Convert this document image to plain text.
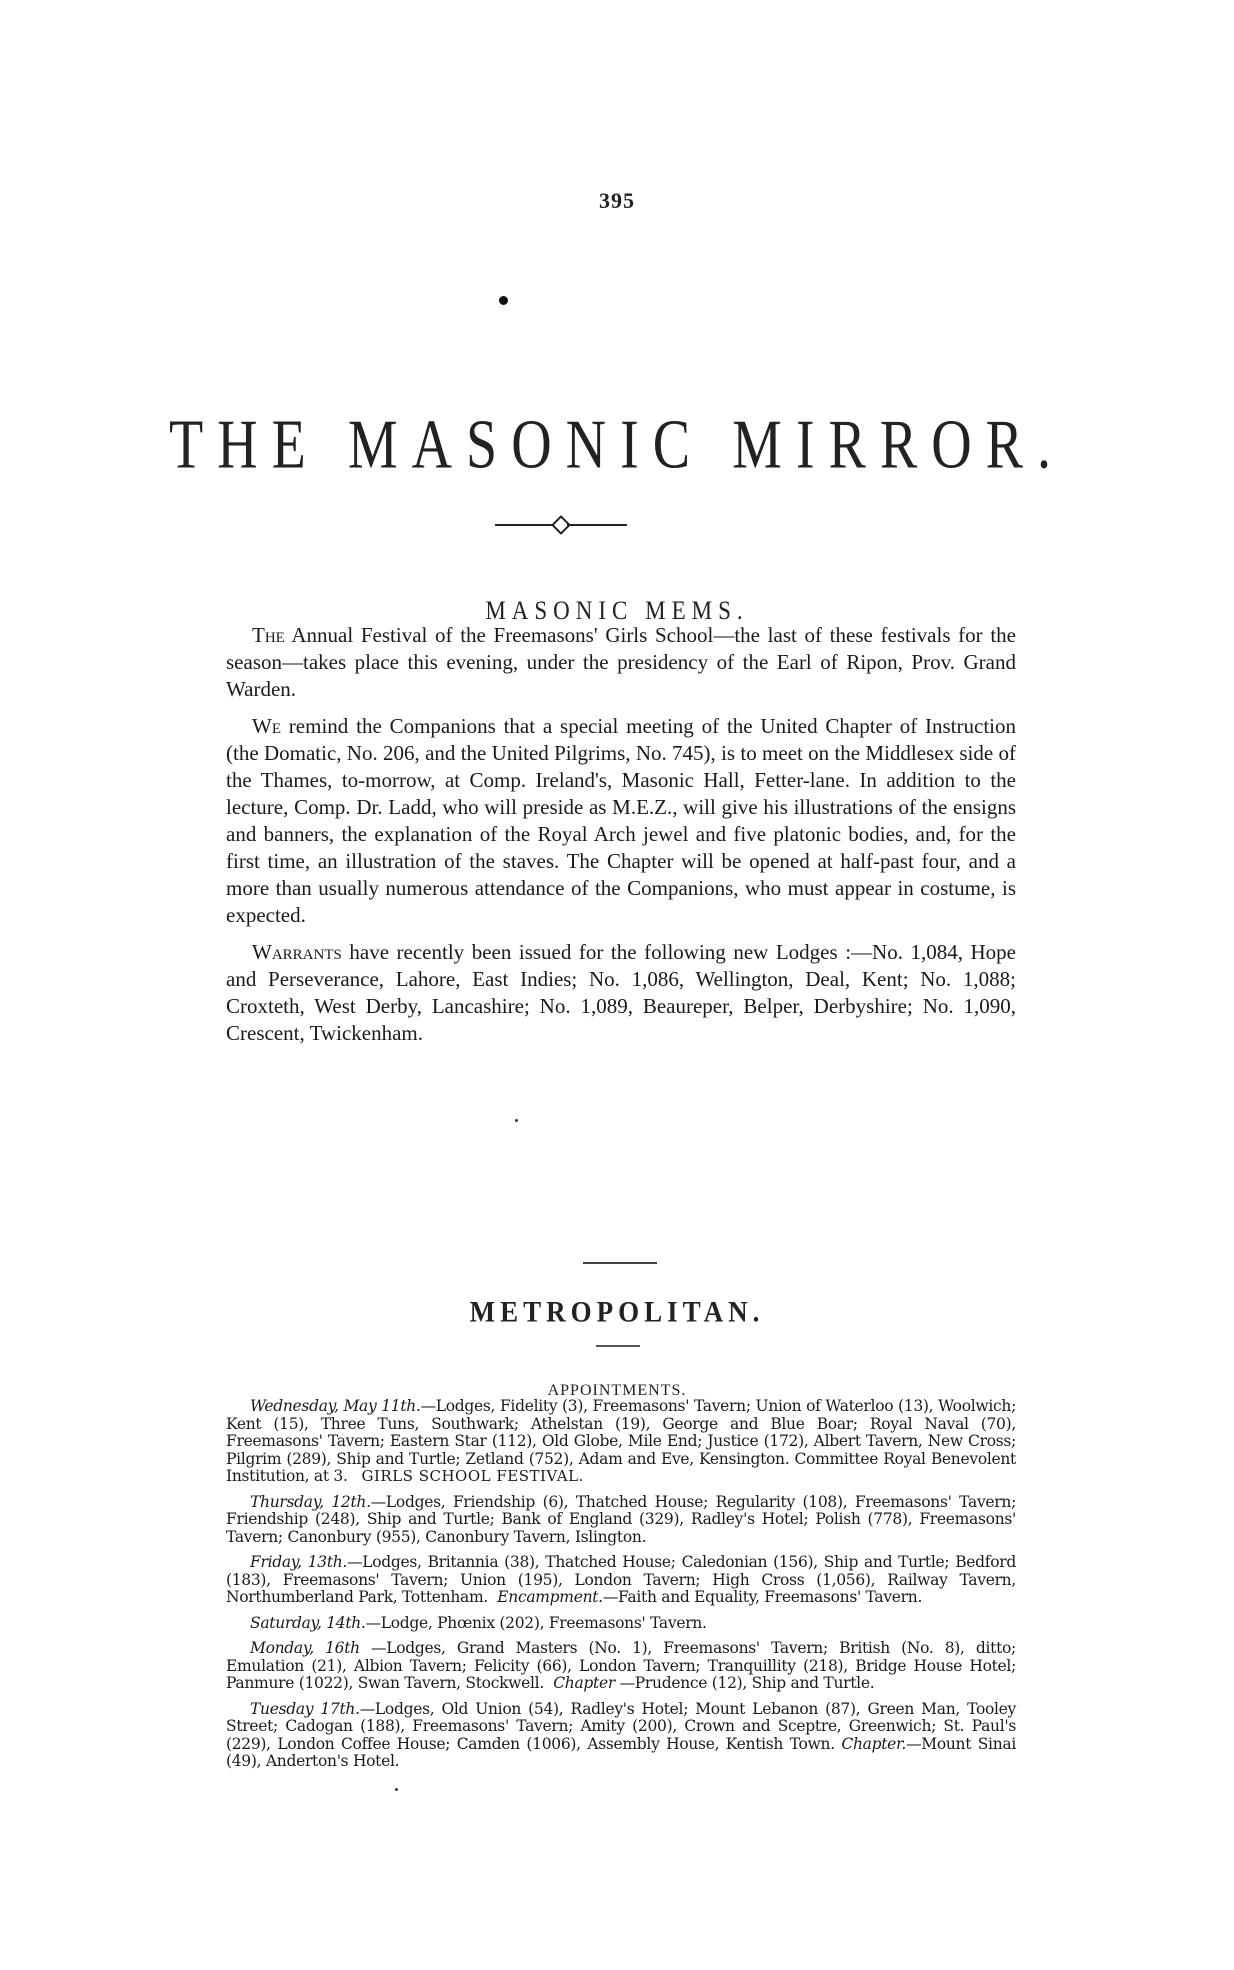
395
THE MASONIC MIRROR.
MASONIC MEMS.

The Annual Festival of the Freemasons' Girls School—the last of these festivals for the season—takes place this evening, under the presidency of the Earl of Ripon, Prov. Grand Warden.

We remind the Companions that a special meeting of the United Chapter of Instruction (the Domatic, No. 206, and the United Pilgrims, No. 745), is to meet on the Middlesex side of the Thames, to-morrow, at Comp. Ireland's, Masonic Hall, Fetter-lane. In addition to the lecture, Comp. Dr. Ladd, who will preside as M.E.Z., will give his illustrations of the ensigns and banners, the explanation of the Royal Arch jewel and five platonic bodies, and, for the first time, an illustration of the staves. The Chapter will be opened at half-past four, and a more than usually numerous attendance of the Companions, who must appear in costume, is expected.

Warrants have recently been issued for the following new Lodges :—No. 1,084, Hope and Perseverance, Lahore, East Indies; No. 1,086, Wellington, Deal, Kent; No. 1,088; Croxteth, West Derby, Lancashire; No. 1,089, Beaureper, Belper, Derbyshire; No. 1,090, Crescent, Twickenham.

METROPOLITAN.
APPOINTMENTS.

Wednesday, May 11th.—Lodges, Fidelity (3), Freemasons' Tavern; Union of Waterloo (13), Woolwich; Kent (15), Three Tuns, Southwark; Athelstan (19), George and Blue Boar; Royal Naval (70), Freemasons' Tavern; Eastern Star (112), Old Globe, Mile End; Justice (172), Albert Tavern, New Cross; Pilgrim (289), Ship and Turtle; Zetland (752), Adam and Eve, Kensington. Committee Royal Benevolent Institution, at 3. GIRLS SCHOOL FESTIVAL.

Thursday, 12th.—Lodges, Friendship (6), Thatched House; Regularity (108), Freemasons' Tavern; Friendship (248), Ship and Turtle; Bank of England (329), Radley's Hotel; Polish (778), Freemasons' Tavern; Canonbury (955), Canonbury Tavern, Islington.

Friday, 13th.—Lodges, Britannia (38), Thatched House; Caledonian (156), Ship and Turtle; Bedford (183), Freemasons' Tavern; Union (195), London Tavern; High Cross (1,056), Railway Tavern, Northumberland Park, Tottenham. Encampment.—Faith and Equality, Freemasons' Tavern.

Saturday, 14th.—Lodge, Phœnix (202), Freemasons' Tavern.

Monday, 16th —Lodges, Grand Masters (No. 1), Freemasons' Tavern; British (No. 8), ditto; Emulation (21), Albion Tavern; Felicity (66), London Tavern; Tranquillity (218), Bridge House Hotel; Panmure (1022), Swan Tavern, Stockwell. Chapter —Prudence (12), Ship and Turtle.

Tuesday 17th.—Lodges, Old Union (54), Radley's Hotel; Mount Lebanon (87), Green Man, Tooley Street; Cadogan (188), Freemasons' Tavern; Amity (200), Crown and Sceptre, Greenwich; St. Paul's (229), London Coffee House; Camden (1006), Assembly House, Kentish Town. Chapter.—Mount Sinai (49), Anderton's Hotel.
